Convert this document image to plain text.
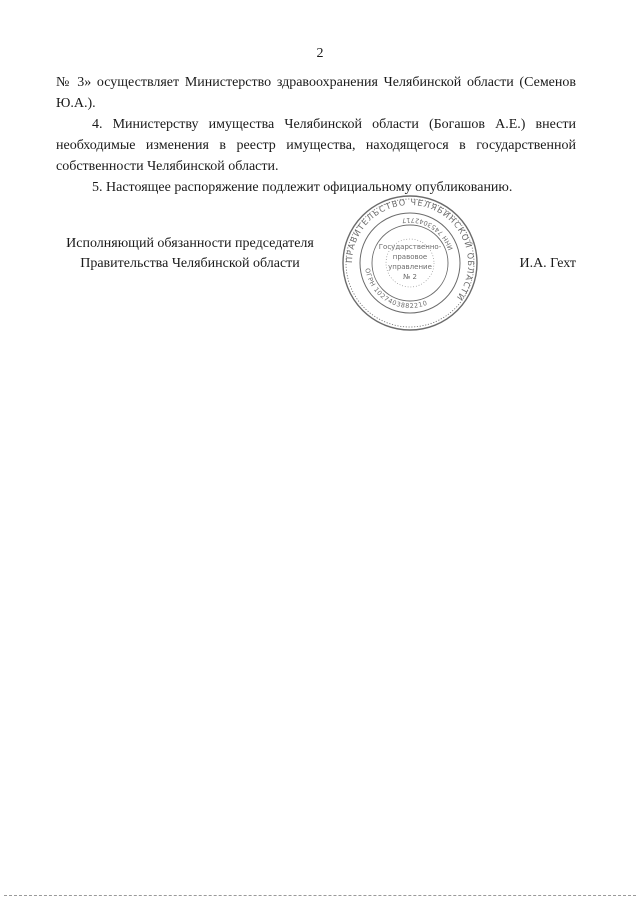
2

№ 3» осуществляет Министерство здравоохранения Челябинской области (Семенов Ю.А.).

4. Министерству имущества Челябинской области (Богашов А.Е.) внести необходимые изменения в реестр имущества, находящегося в государственной собственности Челябинской области.

5. Настоящее распоряжение подлежит официальному опубликованию.

Исполняющий обязанности председателя
Правительства Челябинской области	И.А. Гехт
ПРАВИТЕЛЬСТВО ЧЕЛЯБИНСКОЙ ОБЛАСТИ
ОГРН 1027403882210
ИНН 7453042717
Государственно-
правовое
управление
№ 2
